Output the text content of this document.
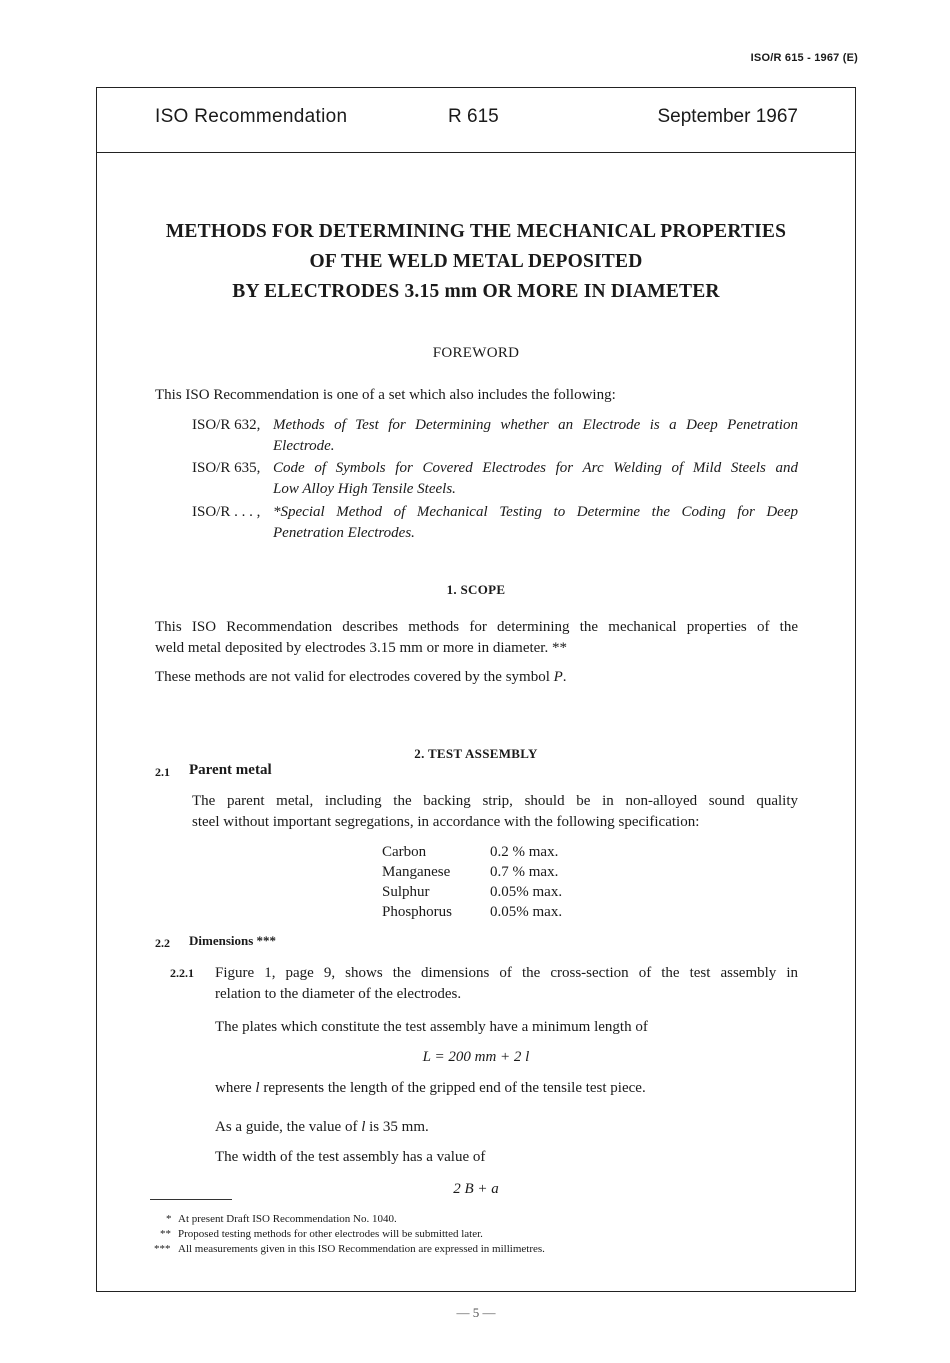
ISO/R 615 - 1967 (E)
ISO Recommendation	R 615	September 1967
METHODS FOR DETERMINING THE MECHANICAL PROPERTIES
OF THE WELD METAL DEPOSITED
BY ELECTRODES 3.15 mm OR MORE IN DIAMETER
FOREWORD
This ISO Recommendation is one of a set which also includes the following:
ISO/R 632, Methods of Test for Determining whether an Electrode is a Deep Penetration
Electrode.
ISO/R 635, Code of Symbols for Covered Electrodes for Arc Welding of Mild Steels and
Low Alloy High Tensile Steels.
ISO/R . . . , *Special Method of Mechanical Testing to Determine the Coding for Deep
Penetration Electrodes.
1. SCOPE
This ISO Recommendation describes methods for determining the mechanical properties of the
weld metal deposited by electrodes 3.15 mm or more in diameter. **
These methods are not valid for electrodes covered by the symbol P.
2. TEST ASSEMBLY
2.1 Parent metal
The parent metal, including the backing strip, should be in non-alloyed sound quality
steel without important segregations, in accordance with the following specification:
Carbon	0.2 % max.
Manganese	0.7 % max.
Sulphur	0.05% max.
Phosphorus	0.05% max.
2.2 Dimensions ***
2.2.1 Figure 1, page 9, shows the dimensions of the cross-section of the test assembly in
relation to the diameter of the electrodes.
The plates which constitute the test assembly have a minimum length of
L = 200 mm + 2 l
where l represents the length of the gripped end of the tensile test piece.
As a guide, the value of l is 35 mm.
The width of the test assembly has a value of
2 B + a
* At present Draft ISO Recommendation No. 1040.
** Proposed testing methods for other electrodes will be submitted later.
*** All measurements given in this ISO Recommendation are expressed in millimetres.
— 5 —
